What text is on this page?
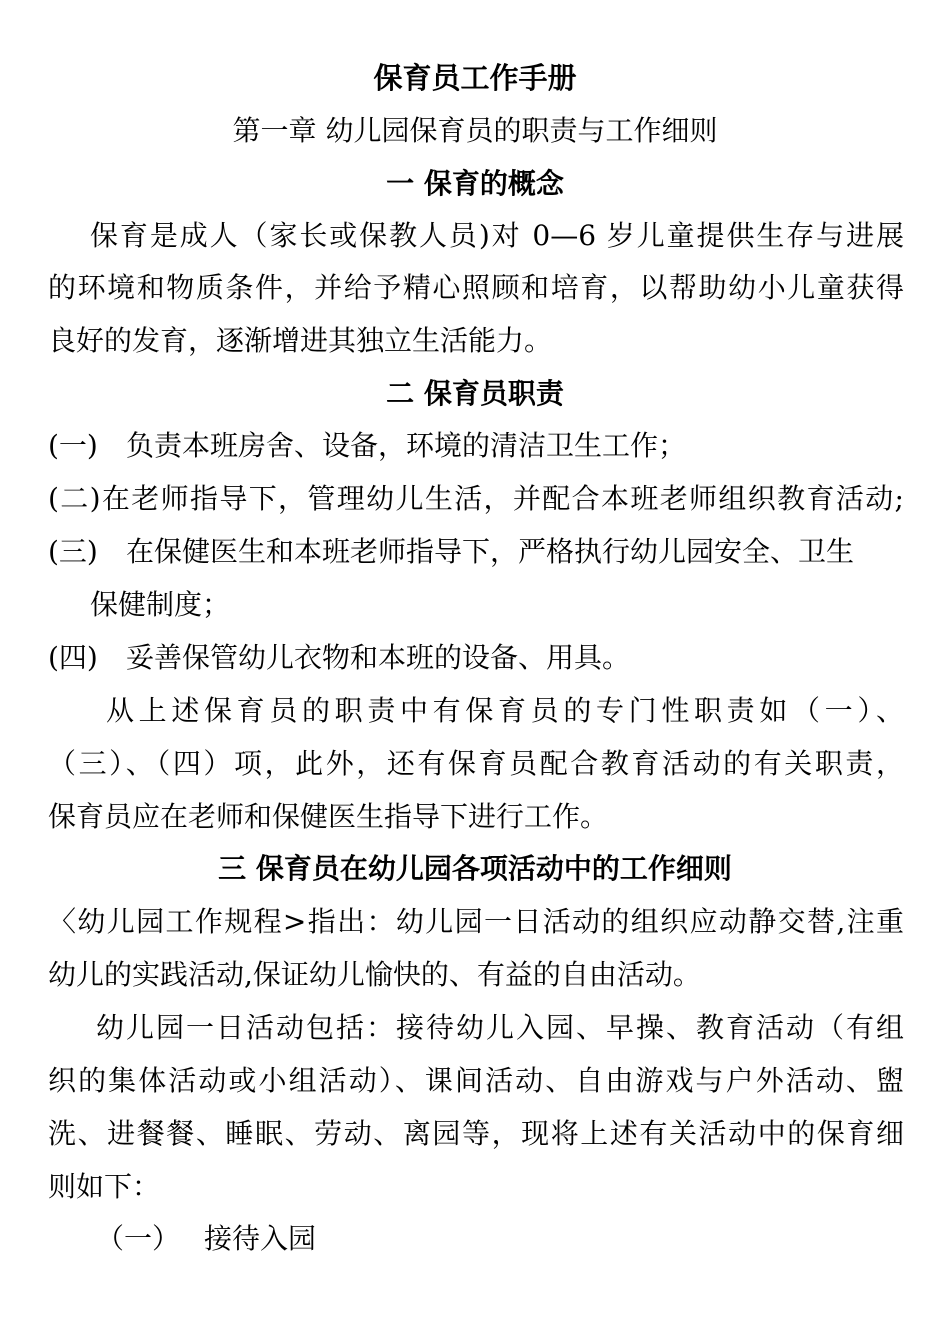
保育员工作手册
第一章 幼儿园保育员的职责与工作细则
一 保育的概念
保育是成人（家长或保教人员)对 0—6 岁儿童提供生存与进展
的环境和物质条件，并给予精心照顾和培育，以帮助幼小儿童获得
良好的发育，逐渐增进其独立生活能力。
二 保育员职责
(一) 负责本班房舍、设备，环境的清洁卫生工作；
(二)在老师指导下，管理幼儿生活，并配合本班老师组织教育活动;
(三) 在保健医生和本班老师指导下，严格执行幼儿园安全、卫生
保健制度；
(四) 妥善保管幼儿衣物和本班的设备、用具。
从上述保育员的职责中有保育员的专门性职责如（一）、
（三）、（四）项，此外，还有保育员配合教育活动的有关职责，
保育员应在老师和保健医生指导下进行工作。
三 保育员在幼儿园各项活动中的工作细则
〈幼儿园工作规程>指出：幼儿园一日活动的组织应动静交替,注重
幼儿的实践活动,保证幼儿愉快的、有益的自由活动。
幼儿园一日活动包括：接待幼儿入园、早操、教育活动（有组
织的集体活动或小组活动）、课间活动、自由游戏与户外活动、盥
洗、进餐餐、睡眠、劳动、离园等，现将上述有关活动中的保育细
则如下：
（一） 接待入园
